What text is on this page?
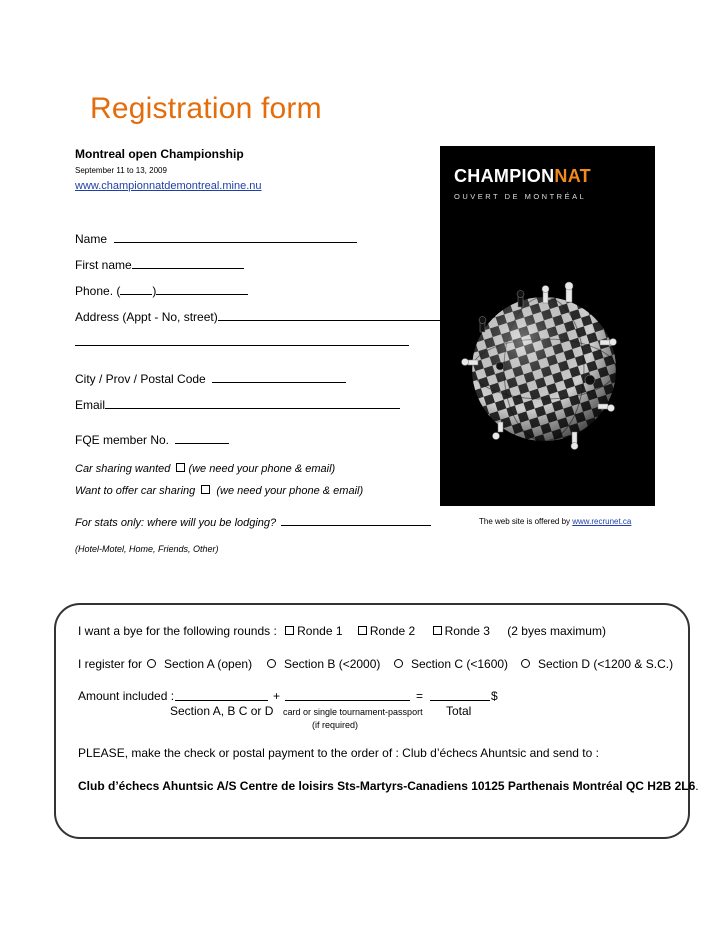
Registration form
Montreal open Championship
September 11 to 13, 2009
www.championnatdemontreal.mine.nu
Name
First name
Phone. (	)
Address (Appt - No, street)
City / Prov / Postal Code
Email
FQE member No.
Car sharing wanted (we need your phone & email)
Want to offer car sharing (we need your phone & email)
For stats only: where will you be lodging?
(Hotel-Motel, Home, Friends, Other)
CHAMPIONNAT
OUVERT DE MONTRÉAL
The web site is offered by www.recrunet.ca
I want a bye for the following rounds : Ronde 1 Ronde 2 Ronde 3 (2 byes maximum)
I register for	Section A (open)	Section B (<2000)	Section C (<1600)	Section D (<1200 & S.C.)
Amount included :	+	=	$
Section A, B C or D card or single tournament-passport Total
(if required)
PLEASE, make the check or postal payment to the order of : Club d’échecs Ahuntsic and send to :
Club d’échecs Ahuntsic A/S Centre de loisirs Sts-Martyrs-Canadiens 10125 Parthenais Montréal QC H2B 2L6.
